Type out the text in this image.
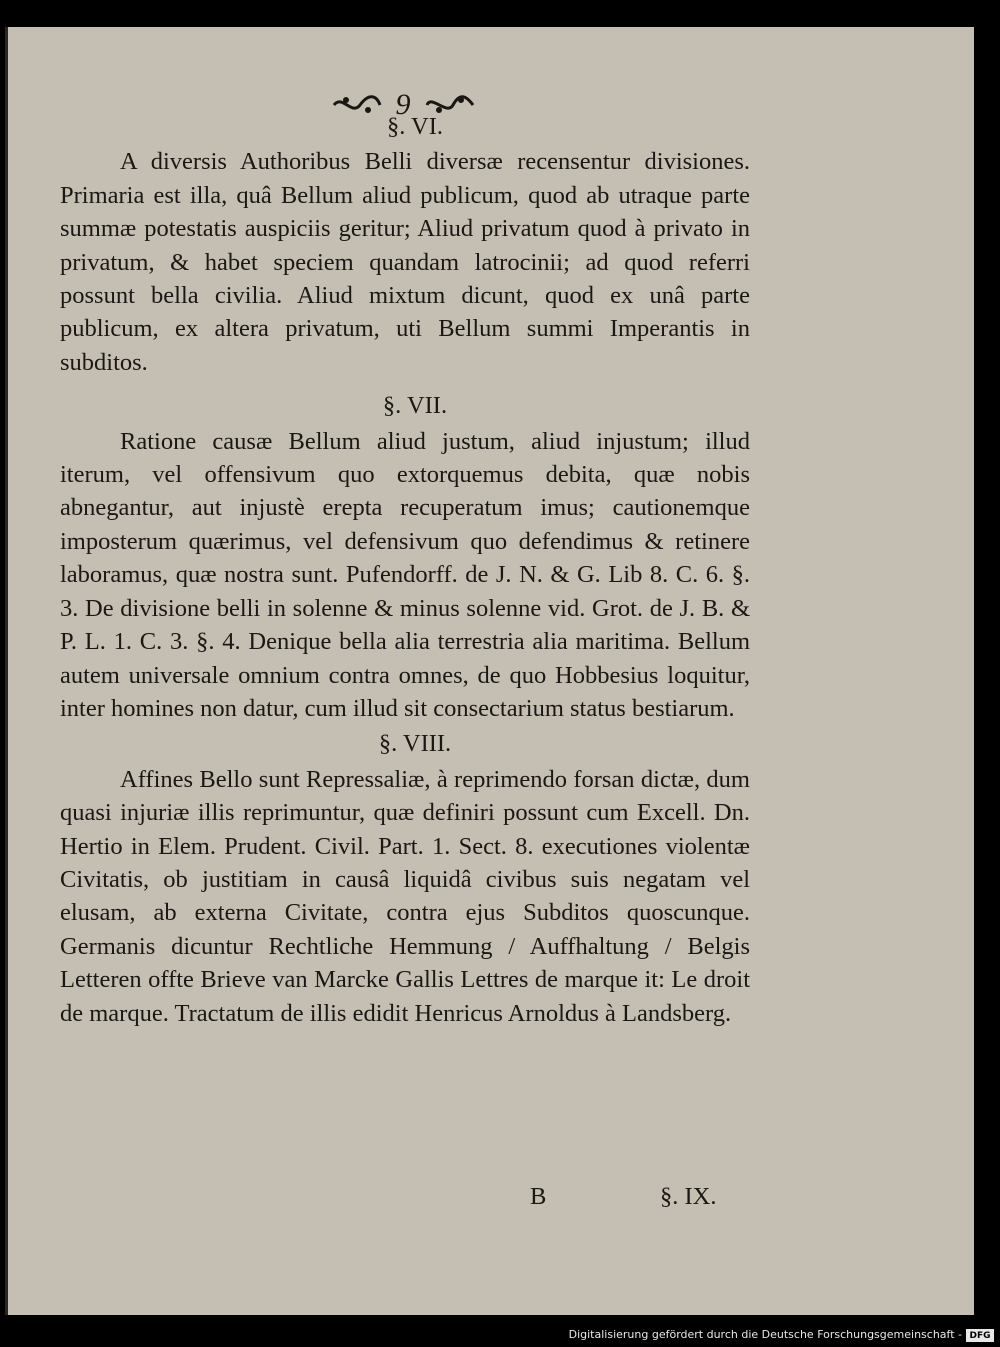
9
§. VI.

A diversis Authoribus Belli diversæ recensentur divisiones. Primaria est illa, quâ Bellum aliud publicum, quod ab utraque parte summæ potestatis auspiciis geritur; Aliud privatum quod à privato in privatum, & habet speciem quandam latrocinii; ad quod referri possunt bella civilia. Aliud mixtum dicunt, quod ex unâ parte publicum, ex altera privatum, uti Bellum summi Imperantis in subditos.

§. VII.

Ratione causæ Bellum aliud justum, aliud injustum; illud iterum, vel offensivum quo extorquemus debita, quæ nobis abnegantur, aut injustè erepta recuperatum imus; cautionemque imposterum quærimus, vel defensivum quo defendimus & retinere laboramus, quæ nostra sunt. Pufendorff. de J. N. & G. Lib 8. C. 6. §. 3. De divisione belli in solenne & minus solenne vid. Grot. de J. B. & P. L. 1. C. 3. §. 4. Denique bella alia terrestria alia maritima. Bellum autem universale omnium contra omnes, de quo Hobbesius loquitur, inter homines non datur, cum illud sit consectarium status bestiarum.

§. VIII.

Affines Bello sunt Repressaliæ, à reprimendo forsan dictæ, dum quasi injuriæ illis reprimuntur, quæ definiri possunt cum Excell. Dn. Hertio in Elem. Prudent. Civil. Part. 1. Sect. 8. executiones violentæ Civitatis, ob justitiam in causâ liquidâ civibus suis negatam vel elusam, ab externa Civitate, contra ejus Subditos quoscunque. Germanis dicuntur Rechtliche Hemmung / Auffhaltung / Belgis Letteren offte Brieve van Marcke Gallis Lettres de marque it: Le droit de marque. Tractatum de illis edidit Henricus Arnoldus à Landsberg.

B	§. IX.
Digitalisierung gefördert durch die Deutsche Forschungsgemeinschaft - DFG
